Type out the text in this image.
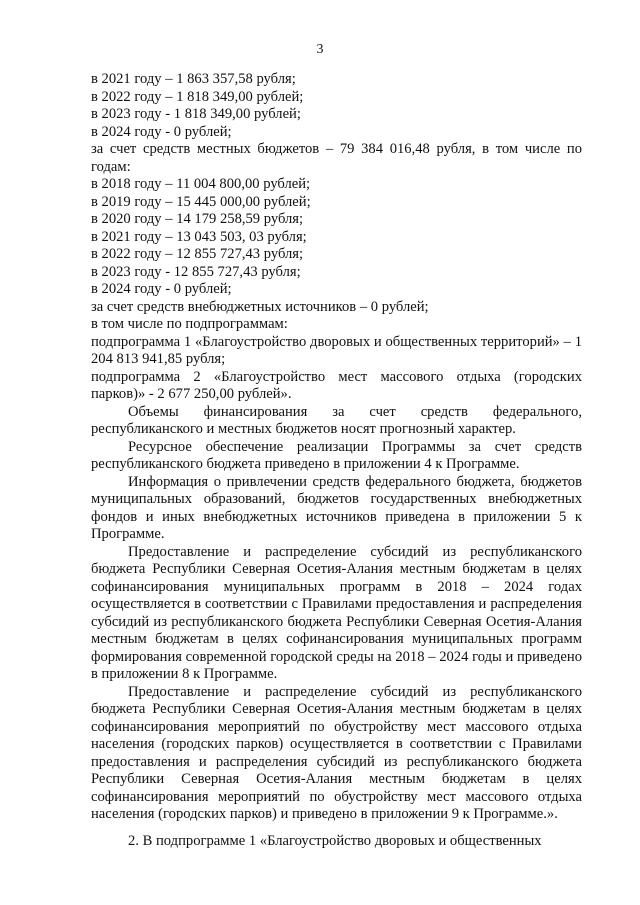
3

в 2021 году – 1 863 357,58 рубля;

в 2022 году – 1 818 349,00 рублей;

в 2023 году - 1 818 349,00 рублей;

в 2024 году - 0 рублей;

за счет средств местных бюджетов – 79 384 016,48 рубля, в том числе по годам:

в 2018 году – 11 004 800,00 рублей;

в 2019 году – 15 445 000,00 рублей;

в 2020 году – 14 179 258,59 рубля;

в 2021 году – 13 043 503, 03 рубля;

в 2022 году – 12 855 727,43 рубля;

в 2023 году - 12 855 727,43 рубля;

в 2024 году - 0 рублей;

за счет средств внебюджетных источников – 0 рублей;

в том числе по подпрограммам:

подпрограмма 1 «Благоустройство дворовых и общественных территорий» – 1 204 813 941,85 рубля;

подпрограмма 2 «Благоустройство мест массового отдыха (городских парков)» - 2 677 250,00 рублей».

Объемы финансирования за счет средств федерального, республиканского и местных бюджетов носят прогнозный характер.

Ресурсное обеспечение реализации Программы за счет средств республиканского бюджета приведено в приложении 4 к Программе.

Информация о привлечении средств федерального бюджета, бюджетов муниципальных образований, бюджетов государственных внебюджетных фондов и иных внебюджетных источников приведена в приложении 5 к Программе.

Предоставление и распределение субсидий из республиканского бюджета Республики Северная Осетия-Алания местным бюджетам в целях софинансирования муниципальных программ в 2018 – 2024 годах осуществляется в соответствии с Правилами предоставления и распределения субсидий из республиканского бюджета Республики Северная Осетия-Алания местным бюджетам в целях софинансирования муниципальных программ формирования современной городской среды на 2018 – 2024 годы и приведено в приложении 8 к Программе.

Предоставление и распределение субсидий из республиканского бюджета Республики Северная Осетия-Алания местным бюджетам в целях софинансирования мероприятий по обустройству мест массового отдыха населения (городских парков) осуществляется в соответствии с Правилами предоставления и распределения субсидий из республиканского бюджета Республики Северная Осетия-Алания местным бюджетам в целях софинансирования мероприятий по обустройству мест массового отдыха населения (городских парков) и приведено в приложении 9 к Программе.».

2. В подпрограмме 1 «Благоустройство дворовых и общественных
